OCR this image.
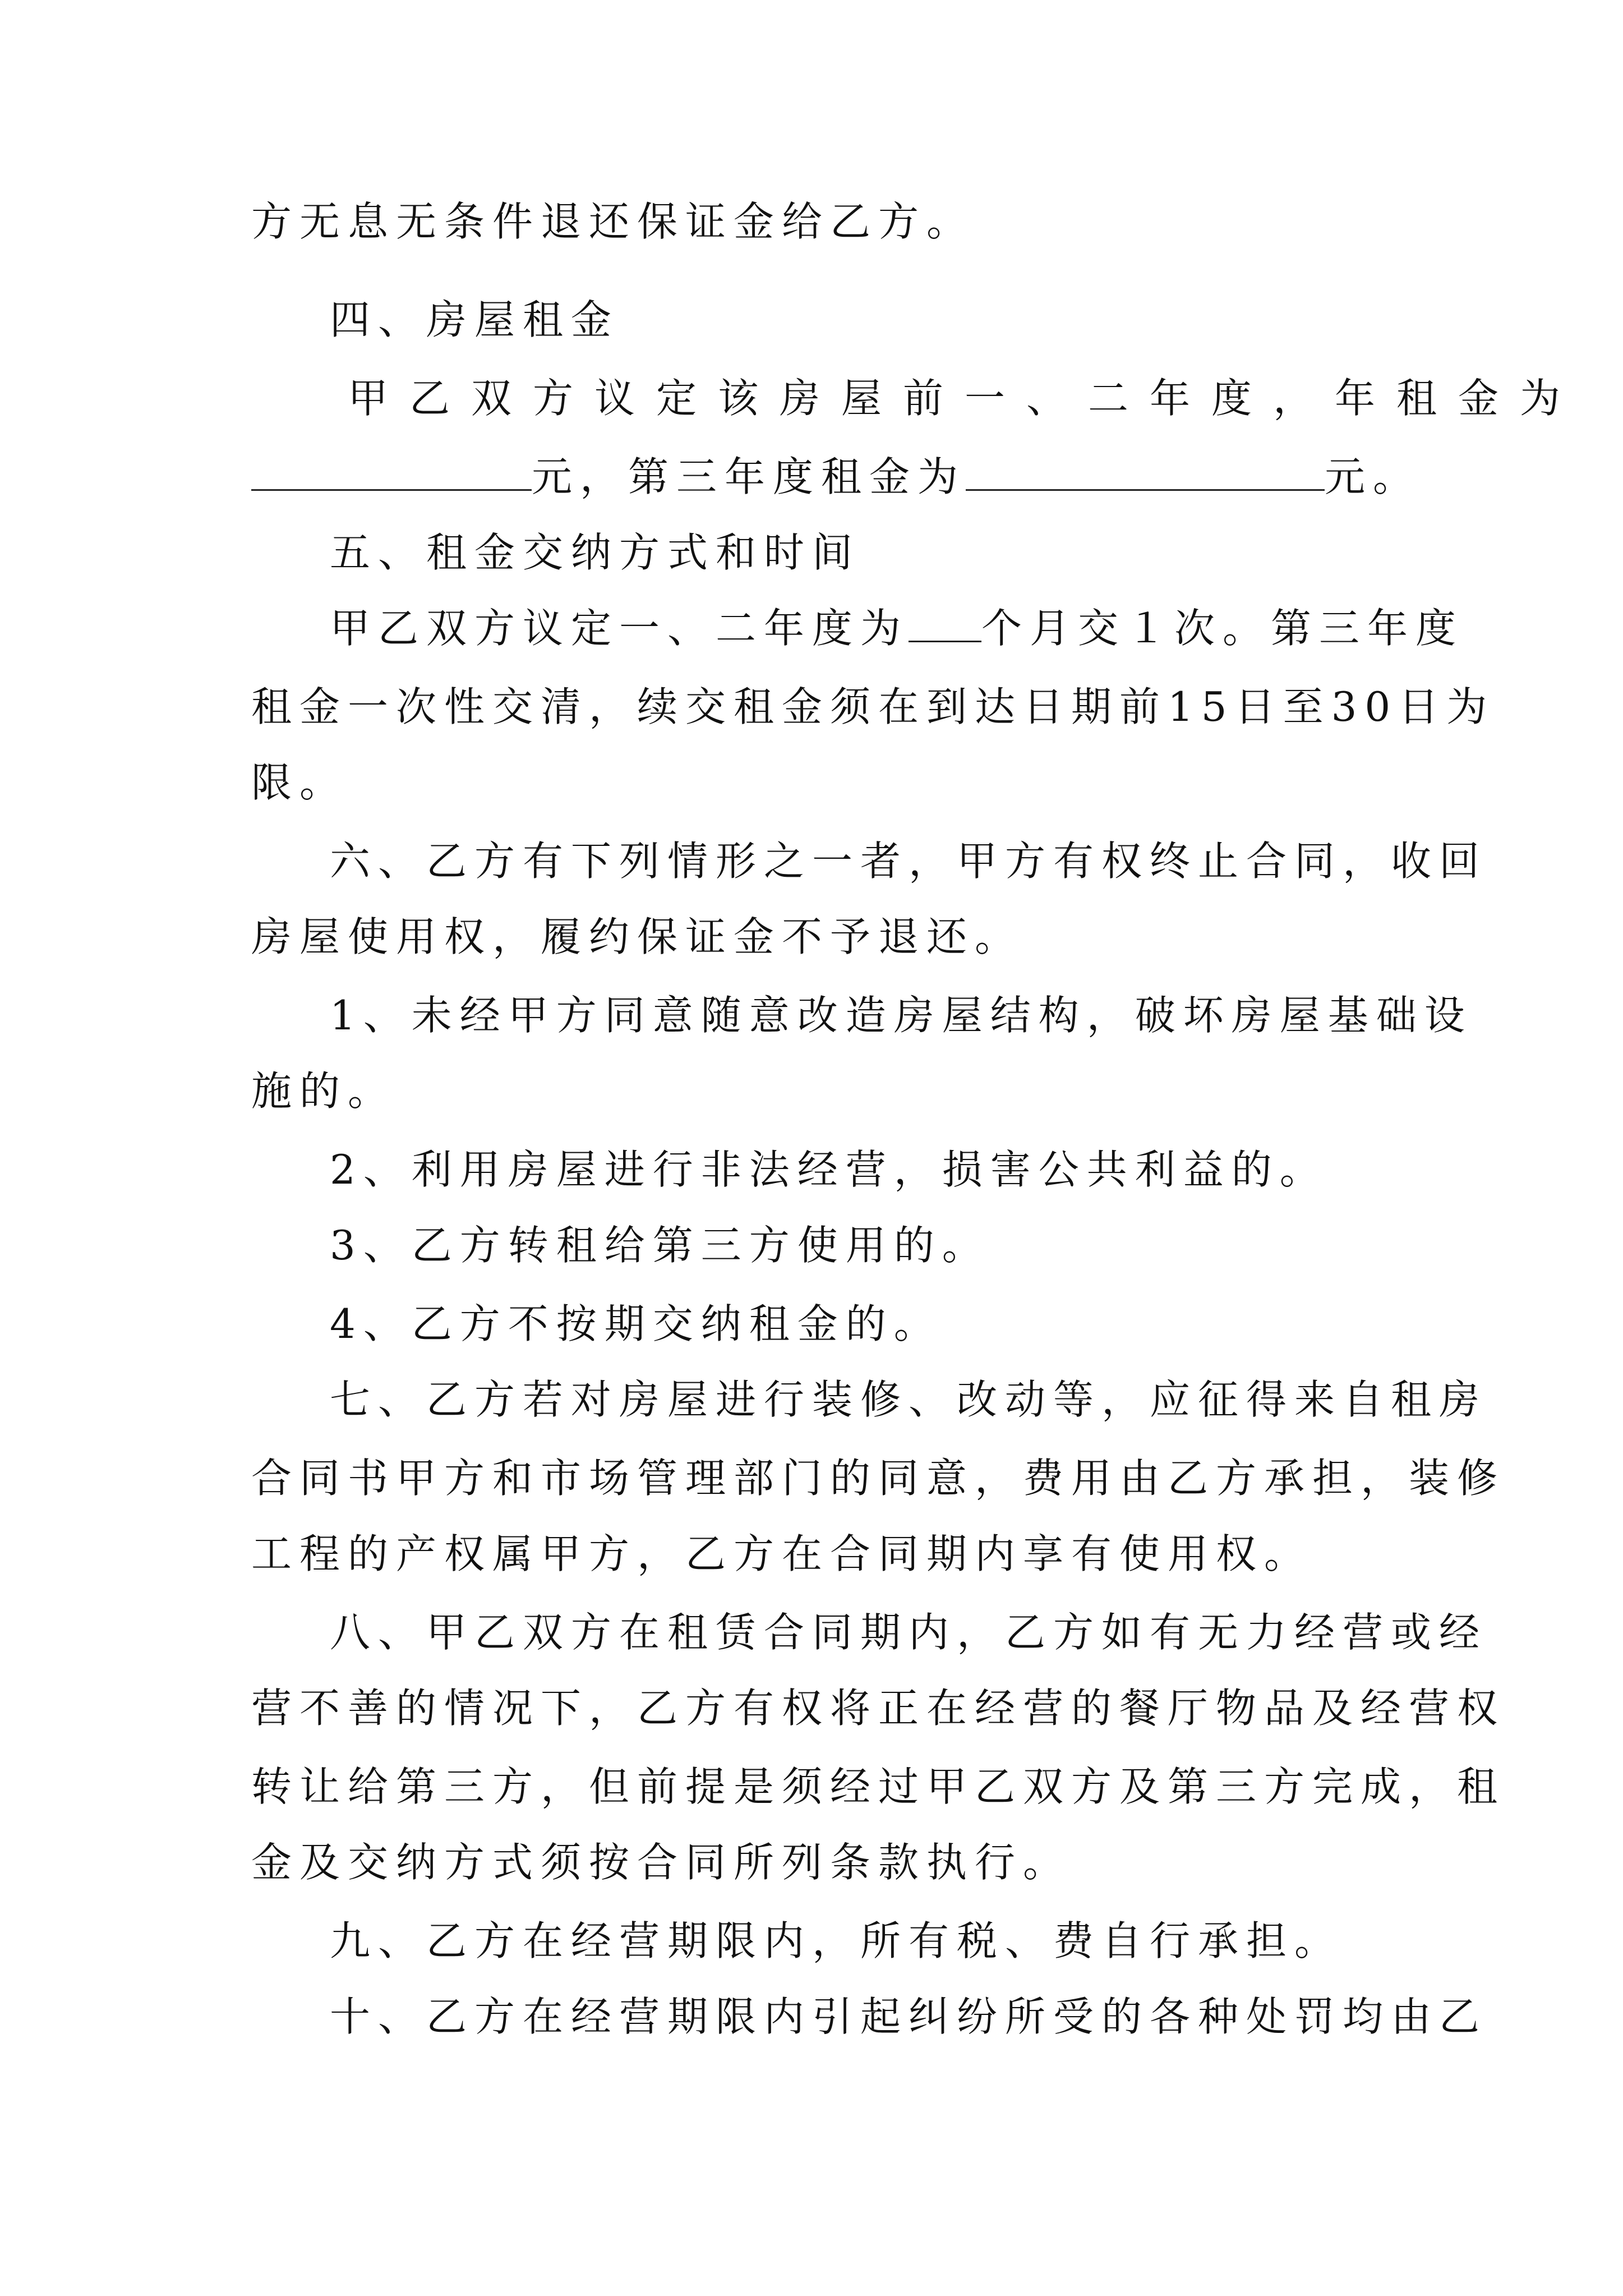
方无息无条件退还保证金给乙方。
四、房屋租金
甲乙双方议定该房屋前一、二年度，年租金为
元，第三年度租金为	元。
五、租金交纳方式和时间
甲乙双方议定一、二年度为 个月交１次。第三年度
租金一次性交清，续交租金须在到达日期前15日至30日为
限。
六、乙方有下列情形之一者，甲方有权终止合同，收回
房屋使用权，履约保证金不予退还。
1、未经甲方同意随意改造房屋结构，破坏房屋基础设
施的。
2、利用房屋进行非法经营，损害公共利益的。
3、乙方转租给第三方使用的。
4、乙方不按期交纳租金的。
七、乙方若对房屋进行装修、改动等，应征得来自租房
合同书甲方和市场管理部门的同意，费用由乙方承担，装修
工程的产权属甲方，乙方在合同期内享有使用权。
八、甲乙双方在租赁合同期内，乙方如有无力经营或经
营不善的情况下，乙方有权将正在经营的餐厅物品及经营权
转让给第三方，但前提是须经过甲乙双方及第三方完成，租
金及交纳方式须按合同所列条款执行。
九、乙方在经营期限内，所有税、费自行承担。
十、乙方在经营期限内引起纠纷所受的各种处罚均由乙
